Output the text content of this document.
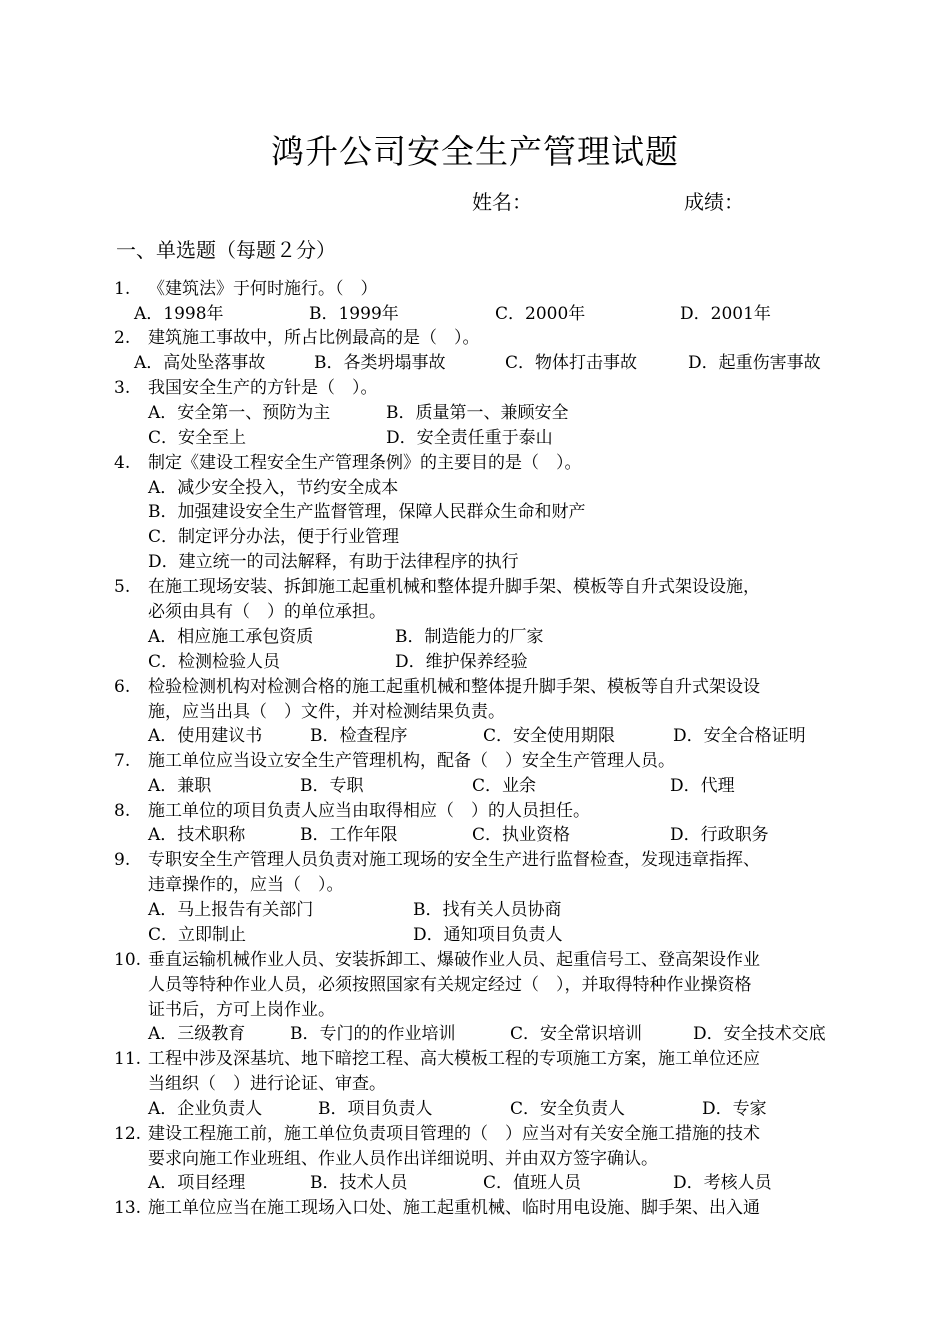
鸿升公司安全生产管理试题
姓名：	成绩：
一、单选题（每题２分）
1. 《建筑法》于何时施行。（　）
A．1998年	B．1999年	C．2000年	D．2001年
2. 建筑施工事故中，所占比例最高的是（　）。
A．高处坠落事故	B．各类坍塌事故	C．物体打击事故	D．起重伤害事故
3. 我国安全生产的方针是（　）。
A．安全第一、预防为主	B．质量第一、兼顾安全
C．安全至上	D．安全责任重于泰山
4. 制定《建设工程安全生产管理条例》的主要目的是（　）。
A．减少安全投入，节约安全成本
B．加强建设安全生产监督管理，保障人民群众生命和财产
C．制定评分办法，便于行业管理
D．建立统一的司法解释，有助于法律程序的执行
5. 在施工现场安装、拆卸施工起重机械和整体提升脚手架、模板等自升式架设设施，
必须由具有（　）的单位承担。
A．相应施工承包资质	B．制造能力的厂家
C．检测检验人员	D．维护保养经验
6. 检验检测机构对检测合格的施工起重机械和整体提升脚手架、模板等自升式架设设
施，应当出具（　）文件，并对检测结果负责。
A．使用建议书	B．检查程序	C．安全使用期限	D．安全合格证明
7. 施工单位应当设立安全生产管理机构，配备（　）安全生产管理人员。
A．兼职	B．专职	C．业余	D．代理
8. 施工单位的项目负责人应当由取得相应（　）的人员担任。
A．技术职称	B．工作年限	C．执业资格	D．行政职务
9. 专职安全生产管理人员负责对施工现场的安全生产进行监督检查，发现违章指挥、
违章操作的，应当（　）。
A．马上报告有关部门	B．找有关人员协商
C．立即制止	D．通知项目负责人
10. 垂直运输机械作业人员、安装拆卸工、爆破作业人员、起重信号工、登高架设作业
人员等特种作业人员，必须按照国家有关规定经过（　），并取得特种作业操资格
证书后，方可上岗作业。
A．三级教育	B．专门的的作业培训	C．安全常识培训	D．安全技术交底
11. 工程中涉及深基坑、地下暗挖工程、高大模板工程的专项施工方案，施工单位还应
当组织（　）进行论证、审查。
A．企业负责人	B．项目负责人	C．安全负责人	D．专家
12. 建设工程施工前，施工单位负责项目管理的（　）应当对有关安全施工措施的技术
要求向施工作业班组、作业人员作出详细说明、并由双方签字确认。
A．项目经理	B．技术人员	C．值班人员	D．考核人员
13. 施工单位应当在施工现场入口处、施工起重机械、临时用电设施、脚手架、出入通
